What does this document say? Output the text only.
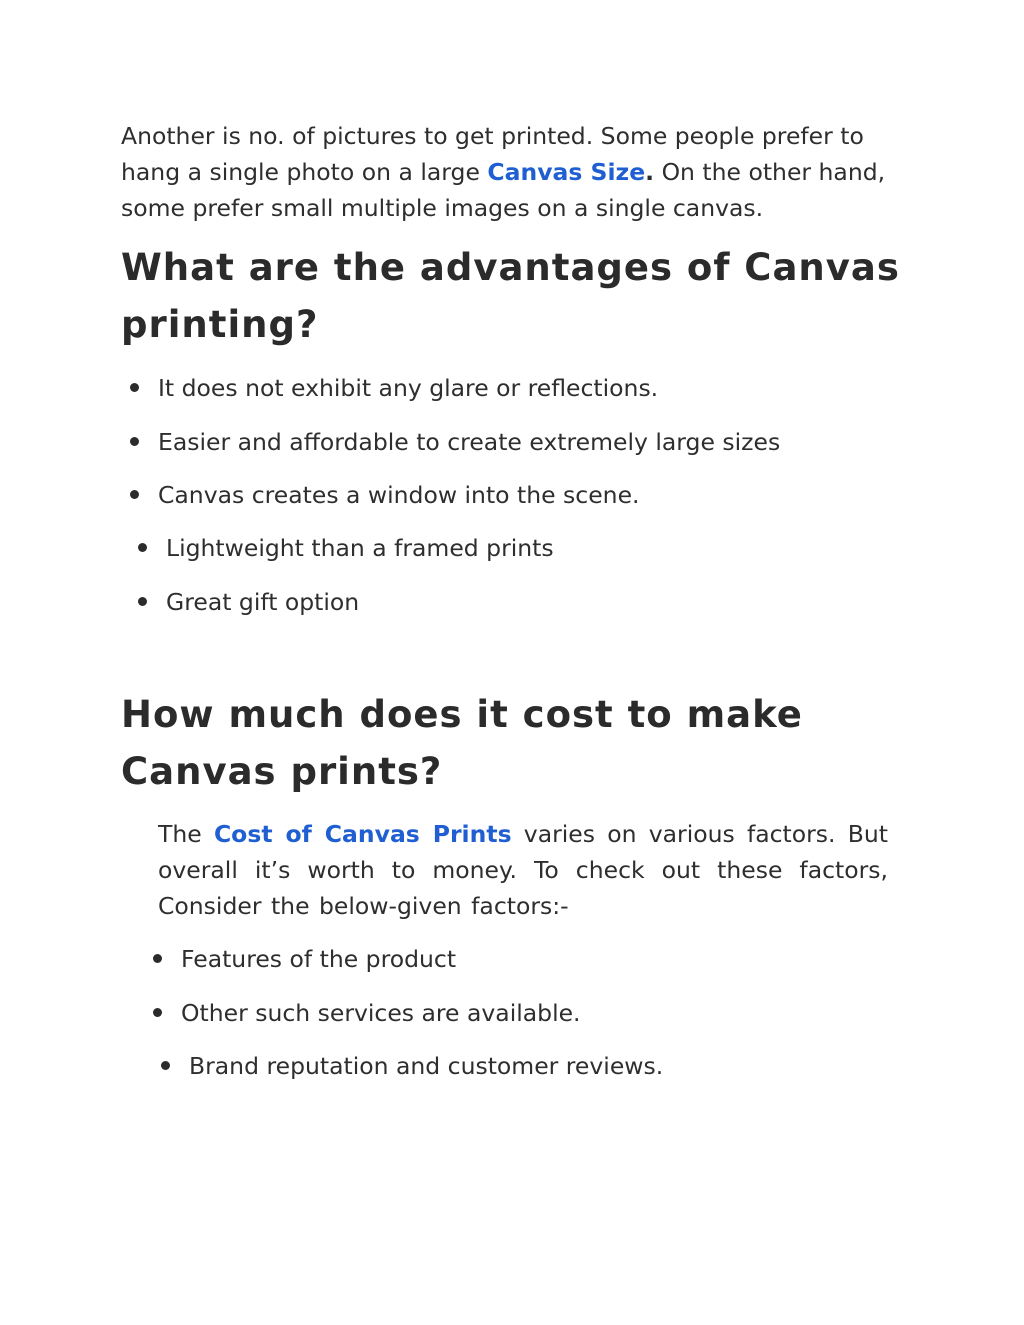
Another is no. of pictures to get printed. Some people prefer to hang a single photo on a large Canvas Size. On the other hand, some prefer small multiple images on a single canvas.

What are the advantages of Canvas printing?
It does not exhibit any glare or reflections.
Easier and affordable to create extremely large sizes
Canvas creates a window into the scene.
Lightweight than a framed prints
Great gift option
How much does it cost to make Canvas prints?

The Cost of Canvas Prints varies on various factors. But overall it’s worth to money. To check out these factors, Consider the below-given factors:-

Features of the product
Other such services are available.
Brand reputation and customer reviews.
